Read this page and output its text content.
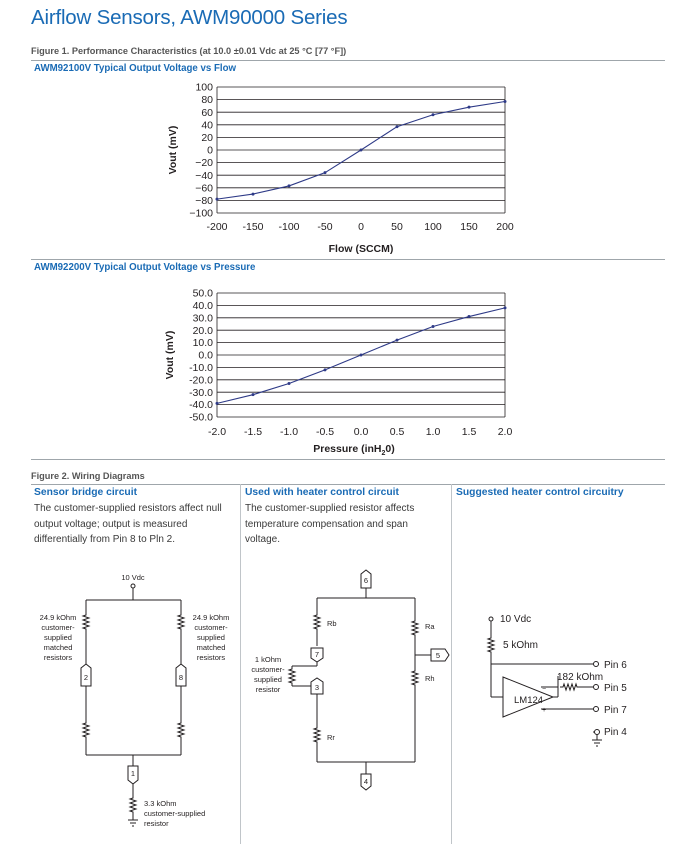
Airflow Sensors, AWM90000 Series
Figure 1. Performance Characteristics (at 10.0 ±0.01 Vdc at 25 °C [77 °F])
AWM92100V Typical Output Voltage vs Flow
100
80
60
40
20
0
−20
−40
−60
−80
−100
-200 -150 -100 -50 0	50 100 150 200
Vout (mV)
Flow (SCCM)
AWM92200V Typical Output Voltage vs Pressure
50.0
40.0
30.0
20.0
10.0
0.0
-10.0
-20.0
-30.0
-40.0
-50.0
-2.0 -1.5 -1.0 -0.5 0.0 0.5 1.0 1.5 2.0
Vout (mV)
Pressure (inH$_2$0)
Figure 2. Wiring Diagrams

Sensor bridge circuit

The customer-supplied resistors affect null output voltage; output is measured differentially from Pin 8 to Pln 2.

Used with heater control circuit

The customer-supplied resistor affects temperature compensation and span voltage.

Suggested heater control circuitry

10 Vdc
2	8
1
24.9 kOhm
customer-
supplied
matched
resistors
24.9 kOhm
customer-
supplied
matched
resistors
3.3 kOhm
customer-supplied
resistor
6
7
3
5
4
Rb
Rr
Ra
Rh
1 kOhm
customer-
supplied
resistor
10 Vdc
5 kOhm
182 kOhm
LM124
−
+
Pin 6
Pin 5
Pin 7
Pin 4
